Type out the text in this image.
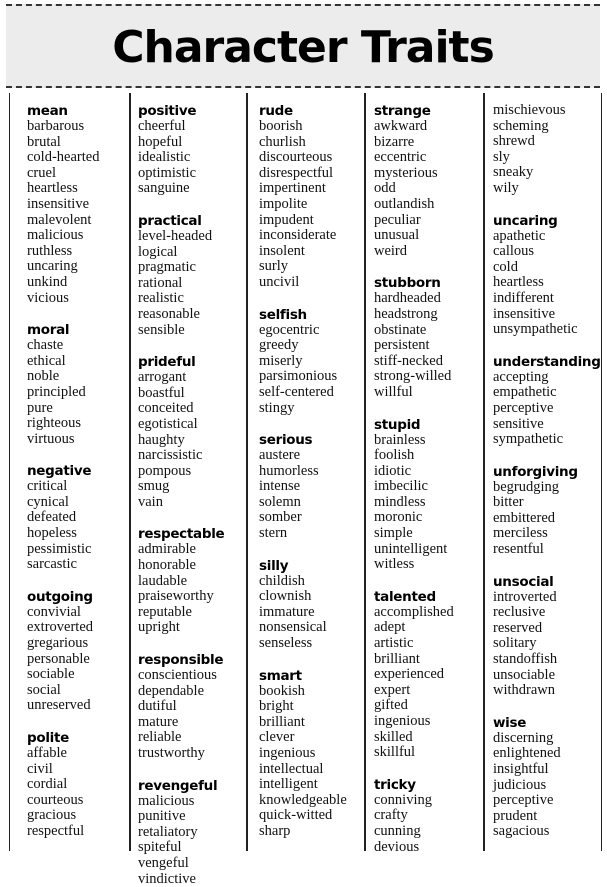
Character Traits
mean
barbarous
brutal
cold-hearted
cruel
heartless
insensitive
malevolent
malicious
ruthless
uncaring
unkind
vicious
moral
chaste
ethical
noble
principled
pure
righteous
virtuous
negative
critical
cynical
defeated
hopeless
pessimistic
sarcastic
outgoing
convivial
extroverted
gregarious
personable
sociable
social
unreserved
polite
affable
civil
cordial
courteous
gracious
respectful
positive
cheerful
hopeful
idealistic
optimistic
sanguine
practical
level-headed
logical
pragmatic
rational
realistic
reasonable
sensible
prideful
arrogant
boastful
conceited
egotistical
haughty
narcissistic
pompous
smug
vain
respectable
admirable
honorable
laudable
praiseworthy
reputable
upright
responsible
conscientious
dependable
dutiful
mature
reliable
trustworthy
revengeful
malicious
punitive
retaliatory
spiteful
vengeful
vindictive
rude
boorish
churlish
discourteous
disrespectful
impertinent
impolite
impudent
inconsiderate
insolent
surly
uncivil
selfish
egocentric
greedy
miserly
parsimonious
self-centered
stingy
serious
austere
humorless
intense
solemn
somber
stern
silly
childish
clownish
immature
nonsensical
senseless
smart
bookish
bright
brilliant
clever
ingenious
intellectual
intelligent
knowledgeable
quick-witted
sharp
strange
awkward
bizarre
eccentric
mysterious
odd
outlandish
peculiar
unusual
weird
stubborn
hardheaded
headstrong
obstinate
persistent
stiff-necked
strong-willed
willful
stupid
brainless
foolish
idiotic
imbecilic
mindless
moronic
simple
unintelligent
witless
talented
accomplished
adept
artistic
brilliant
experienced
expert
gifted
ingenious
skilled
skillful
tricky
conniving
crafty
cunning
devious
mischievous
scheming
shrewd
sly
sneaky
wily
uncaring
apathetic
callous
cold
heartless
indifferent
insensitive
unsympathetic
understanding
accepting
empathetic
perceptive
sensitive
sympathetic
unforgiving
begrudging
bitter
embittered
merciless
resentful
unsocial
introverted
reclusive
reserved
solitary
standoffish
unsociable
withdrawn
wise
discerning
enlightened
insightful
judicious
perceptive
prudent
sagacious
